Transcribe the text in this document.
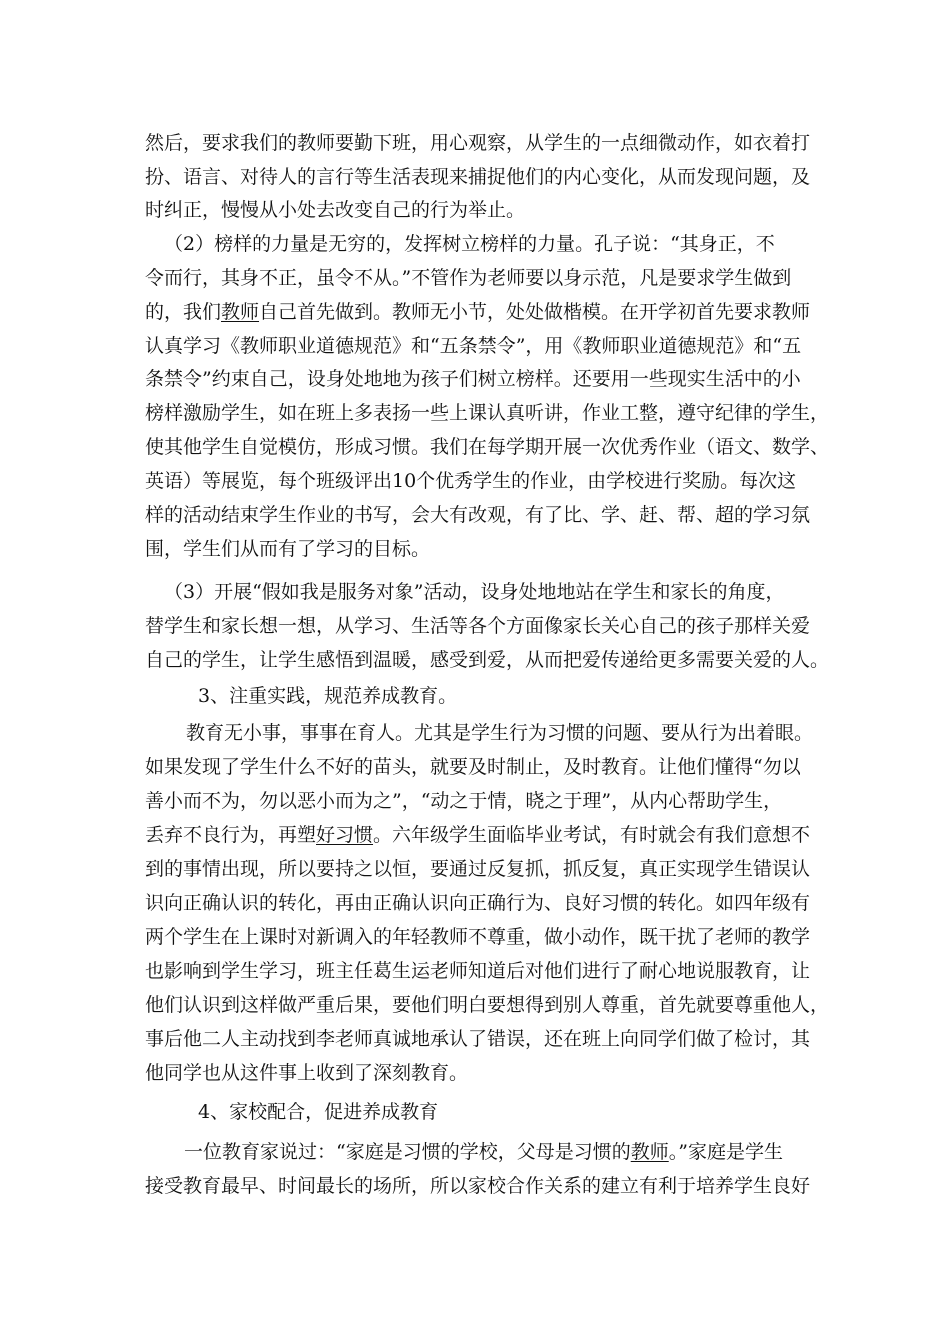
然后，要求我们的教师要勤下班，用心观察，从学生的一点细微动作，如衣着打
扮、语言、对待人的言行等生活表现来捕捉他们的内心变化，从而发现问题，及
时纠正，慢慢从小处去改变自己的行为举止。
（2）榜样的力量是无穷的，发挥树立榜样的力量。孔子说：“其身正，不
令而行，其身不正，虽令不从。”不管作为老师要以身示范，凡是要求学生做到
的，我们教师自己首先做到。教师无小节，处处做楷模。在开学初首先要求教师
认真学习《教师职业道德规范》和“五条禁令”，用《教师职业道德规范》和“五
条禁令”约束自己，设身处地地为孩子们树立榜样。还要用一些现实生活中的小
榜样激励学生，如在班上多表扬一些上课认真听讲，作业工整，遵守纪律的学生，
使其他学生自觉模仿，形成习惯。我们在每学期开展一次优秀作业（语文、数学、
英语）等展览，每个班级评出10个优秀学生的作业，由学校进行奖励。每次这
样的活动结束学生作业的书写，会大有改观，有了比、学、赶、帮、超的学习氛
围，学生们从而有了学习的目标。
（3）开展“假如我是服务对象”活动，设身处地地站在学生和家长的角度，
替学生和家长想一想，从学习、生活等各个方面像家长关心自己的孩子那样关爱
自己的学生，让学生感悟到温暖，感受到爱，从而把爱传递给更多需要关爱的人。
3、注重实践，规范养成教育。
教育无小事，事事在育人。尤其是学生行为习惯的问题、要从行为出着眼。
如果发现了学生什么不好的苗头，就要及时制止，及时教育。让他们懂得“勿以
善小而不为，勿以恶小而为之”，“动之于情，晓之于理”，从内心帮助学生，
丢弃不良行为，再塑好习惯。六年级学生面临毕业考试，有时就会有我们意想不
到的事情出现，所以要持之以恒，要通过反复抓，抓反复，真正实现学生错误认
识向正确认识的转化，再由正确认识向正确行为、良好习惯的转化。如四年级有
两个学生在上课时对新调入的年轻教师不尊重，做小动作，既干扰了老师的教学
也影响到学生学习，班主任葛生运老师知道后对他们进行了耐心地说服教育，让
他们认识到这样做严重后果，要他们明白要想得到别人尊重，首先就要尊重他人，
事后他二人主动找到李老师真诚地承认了错误，还在班上向同学们做了检讨，其
他同学也从这件事上收到了深刻教育。
4、家校配合，促进养成教育
一位教育家说过：“家庭是习惯的学校，父母是习惯的教师。”家庭是学生
接受教育最早、时间最长的场所，所以家校合作关系的建立有利于培养学生良好
